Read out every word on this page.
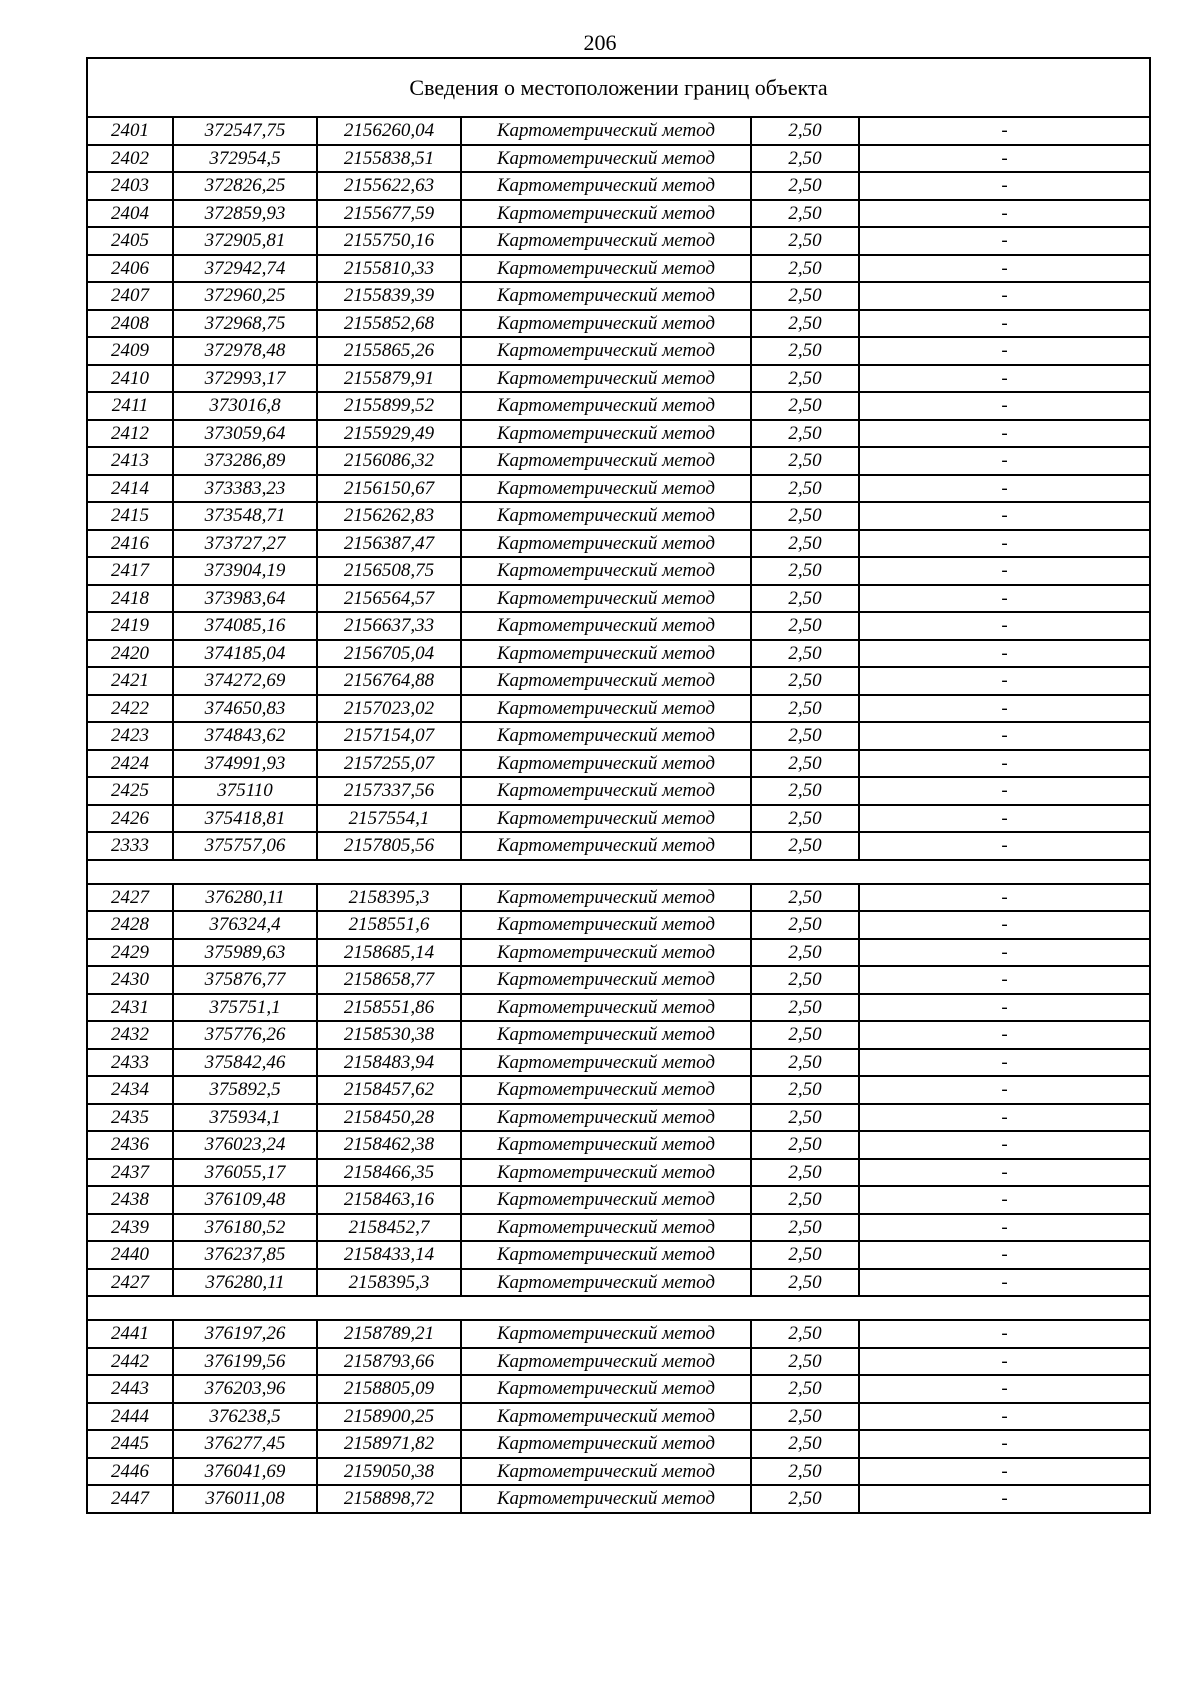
206
Сведения о местоположении границ объекта					
2401	372547,75	2156260,04	Картометрический метод	2,50	-
2402	372954,5	2155838,51	Картометрический метод	2,50	-
2403	372826,25	2155622,63	Картометрический метод	2,50	-
2404	372859,93	2155677,59	Картометрический метод	2,50	-
2405	372905,81	2155750,16	Картометрический метод	2,50	-
2406	372942,74	2155810,33	Картометрический метод	2,50	-
2407	372960,25	2155839,39	Картометрический метод	2,50	-
2408	372968,75	2155852,68	Картометрический метод	2,50	-
2409	372978,48	2155865,26	Картометрический метод	2,50	-
2410	372993,17	2155879,91	Картометрический метод	2,50	-
2411	373016,8	2155899,52	Картометрический метод	2,50	-
2412	373059,64	2155929,49	Картометрический метод	2,50	-
2413	373286,89	2156086,32	Картометрический метод	2,50	-
2414	373383,23	2156150,67	Картометрический метод	2,50	-
2415	373548,71	2156262,83	Картометрический метод	2,50	-
2416	373727,27	2156387,47	Картометрический метод	2,50	-
2417	373904,19	2156508,75	Картометрический метод	2,50	-
2418	373983,64	2156564,57	Картометрический метод	2,50	-
2419	374085,16	2156637,33	Картометрический метод	2,50	-
2420	374185,04	2156705,04	Картометрический метод	2,50	-
2421	374272,69	2156764,88	Картометрический метод	2,50	-
2422	374650,83	2157023,02	Картометрический метод	2,50	-
2423	374843,62	2157154,07	Картометрический метод	2,50	-
2424	374991,93	2157255,07	Картометрический метод	2,50	-
2425	375110	2157337,56	Картометрический метод	2,50	-
2426	375418,81	2157554,1	Картометрический метод	2,50	-
2333	375757,06	2157805,56	Картометрический метод	2,50	-

2427	376280,11	2158395,3	Картометрический метод	2,50	-
2428	376324,4	2158551,6	Картометрический метод	2,50	-
2429	375989,63	2158685,14	Картометрический метод	2,50	-
2430	375876,77	2158658,77	Картометрический метод	2,50	-
2431	375751,1	2158551,86	Картометрический метод	2,50	-
2432	375776,26	2158530,38	Картометрический метод	2,50	-
2433	375842,46	2158483,94	Картометрический метод	2,50	-
2434	375892,5	2158457,62	Картометрический метод	2,50	-
2435	375934,1	2158450,28	Картометрический метод	2,50	-
2436	376023,24	2158462,38	Картометрический метод	2,50	-
2437	376055,17	2158466,35	Картометрический метод	2,50	-
2438	376109,48	2158463,16	Картометрический метод	2,50	-
2439	376180,52	2158452,7	Картометрический метод	2,50	-
2440	376237,85	2158433,14	Картометрический метод	2,50	-
2427	376280,11	2158395,3	Картометрический метод	2,50	-

2441	376197,26	2158789,21	Картометрический метод	2,50	-
2442	376199,56	2158793,66	Картометрический метод	2,50	-
2443	376203,96	2158805,09	Картометрический метод	2,50	-
2444	376238,5	2158900,25	Картометрический метод	2,50	-
2445	376277,45	2158971,82	Картометрический метод	2,50	-
2446	376041,69	2159050,38	Картометрический метод	2,50	-
2447	376011,08	2158898,72	Картометрический метод	2,50	-
